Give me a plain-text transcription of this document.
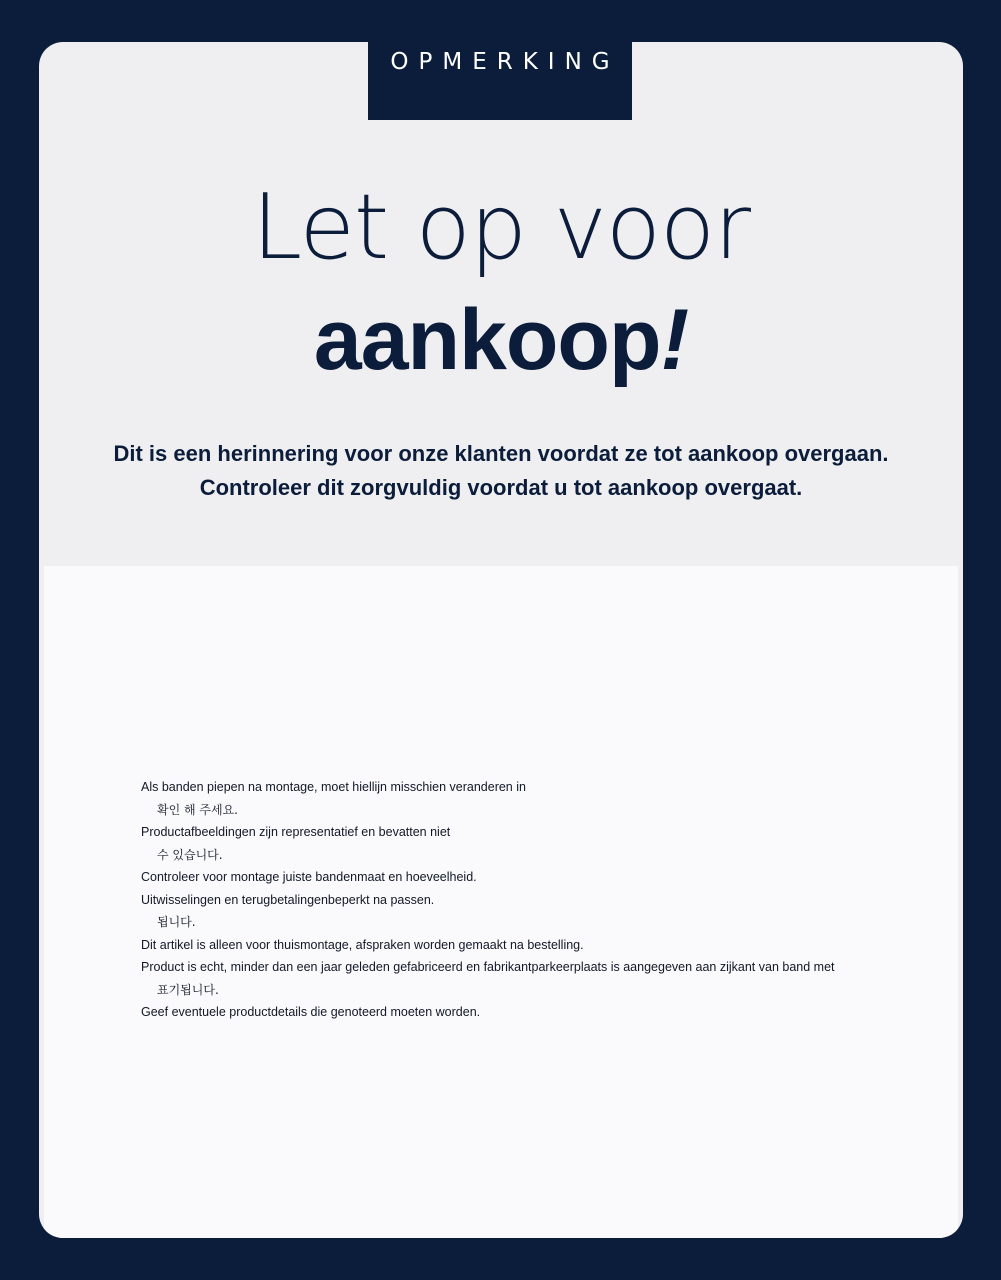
OPMERKING
Let op voor
aankoop!
Dit is een herinnering voor onze klanten voordat ze tot aankoop overgaan.
Controleer dit zorgvuldig voordat u tot aankoop overgaat.
Als banden piepen na montage, moet hiellijn misschien veranderen in
확인 해 주세요.
Productafbeeldingen zijn representatief en bevatten niet
수 있습니다.
Controleer voor montage juiste bandenmaat en hoeveelheid.
Uitwisselingen en terugbetalingenbeperkt na passen.
됩니다.
Dit artikel is alleen voor thuismontage, afspraken worden gemaakt na bestelling.
Product is echt, minder dan een jaar geleden gefabriceerd en fabrikantparkeerplaats is aangegeven aan zijkant van band met
표기됩니다.
Geef eventuele productdetails die genoteerd moeten worden.
